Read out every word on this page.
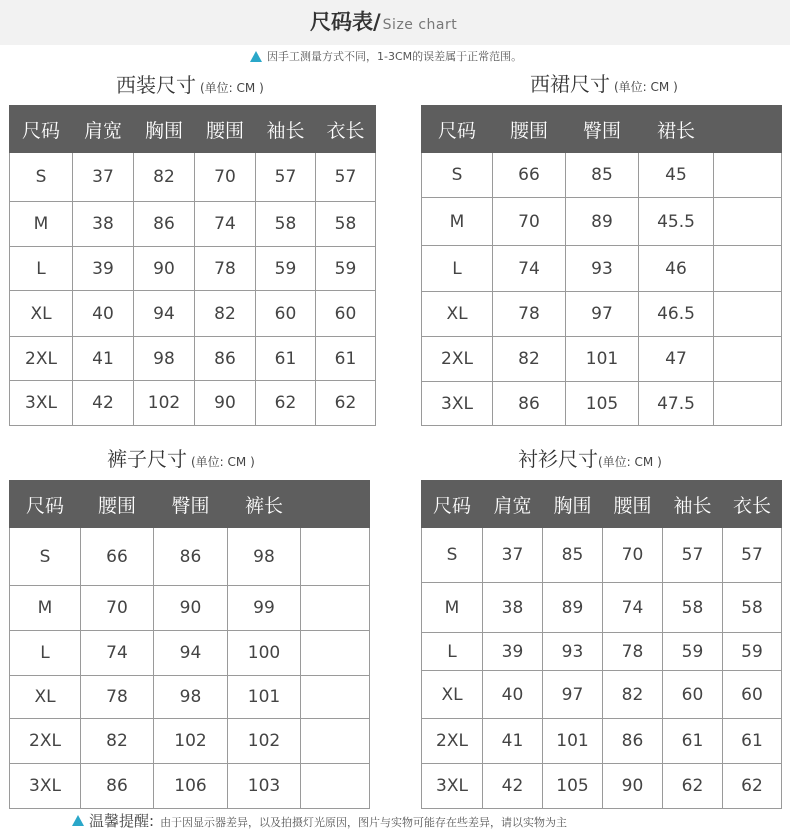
尺码表/ Size chart
因手工测量方式不同，1-3CM的误差属于正常范围。
西装尺寸 (单位: CM )	西裙尺寸 (单位: CM )
裤子尺寸 (单位: CM )	衬衫尺寸(单位: CM )
尺码	肩宽	胸围	腰围	袖长	衣长
S	37	82	70	57	57
M	38	86	74	58	58
L	39	90	78	59	59
XL	40	94	82	60	60
2XL	41	98	86	61	61
3XL	42	102	90	62	62
尺码	腰围	臀围	裙长	
S	66	85	45	
M	70	89	45.5	
L	74	93	46	
XL	78	97	46.5	
2XL	82	101	47	
3XL	86	105	47.5	
尺码	腰围	臀围	裤长	
S	66	86	98	
M	70	90	99	
L	74	94	100	
XL	78	98	101	
2XL	82	102	102	
3XL	86	106	103	
尺码	肩宽	胸围	腰围	袖长	衣长
S	37	85	70	57	57
M	38	89	74	58	58
L	39	93	78	59	59
XL	40	97	82	60	60
2XL	41	101	86	61	61
3XL	42	105	90	62	62
温馨提醒: 由于因显示器差异，以及拍摄灯光原因，图片与实物可能存在些差异，请以实物为主
